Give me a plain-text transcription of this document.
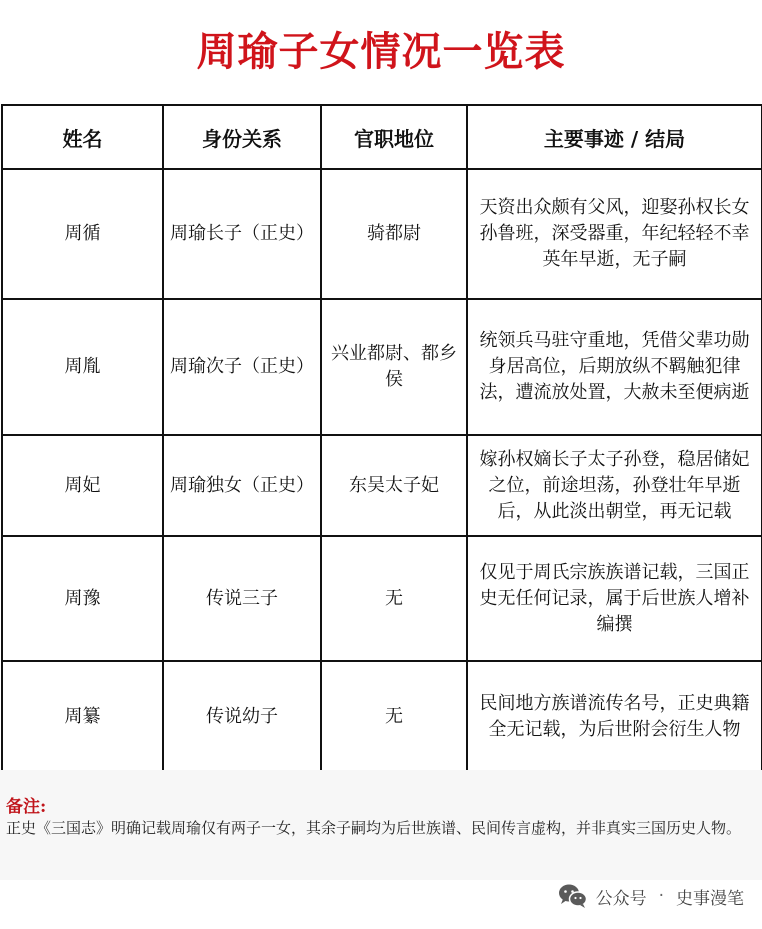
周瑜子女情况一览表
姓名	身份关系	官职地位	主要事迹 / 结局
周循	周瑜长子（正史）	骑都尉	天资出众颇有父风，迎娶孙权长女孙鲁班，深受器重，年纪轻轻不幸英年早逝，无子嗣
周胤	周瑜次子（正史）	兴业都尉、都乡侯	统领兵马驻守重地，凭借父辈功勋身居高位，后期放纵不羁触犯律法，遭流放处置，大赦未至便病逝
周妃	周瑜独女（正史）	东吴太子妃	嫁孙权嫡长子太子孙登，稳居储妃之位，前途坦荡，孙登壮年早逝后，从此淡出朝堂，再无记载
周豫	传说三子	无	仅见于周氏宗族族谱记载，三国正史无任何记录，属于后世族人增补编撰
周纂	传说幼子	无	民间地方族谱流传名号，正史典籍全无记载，为后世附会衍生人物
备注:
正史《三国志》明确记载周瑜仅有两子一女，其余子嗣均为后世族谱、民间传言虚构，并非真实三国历史人物。
公众号 · 史事漫笔
